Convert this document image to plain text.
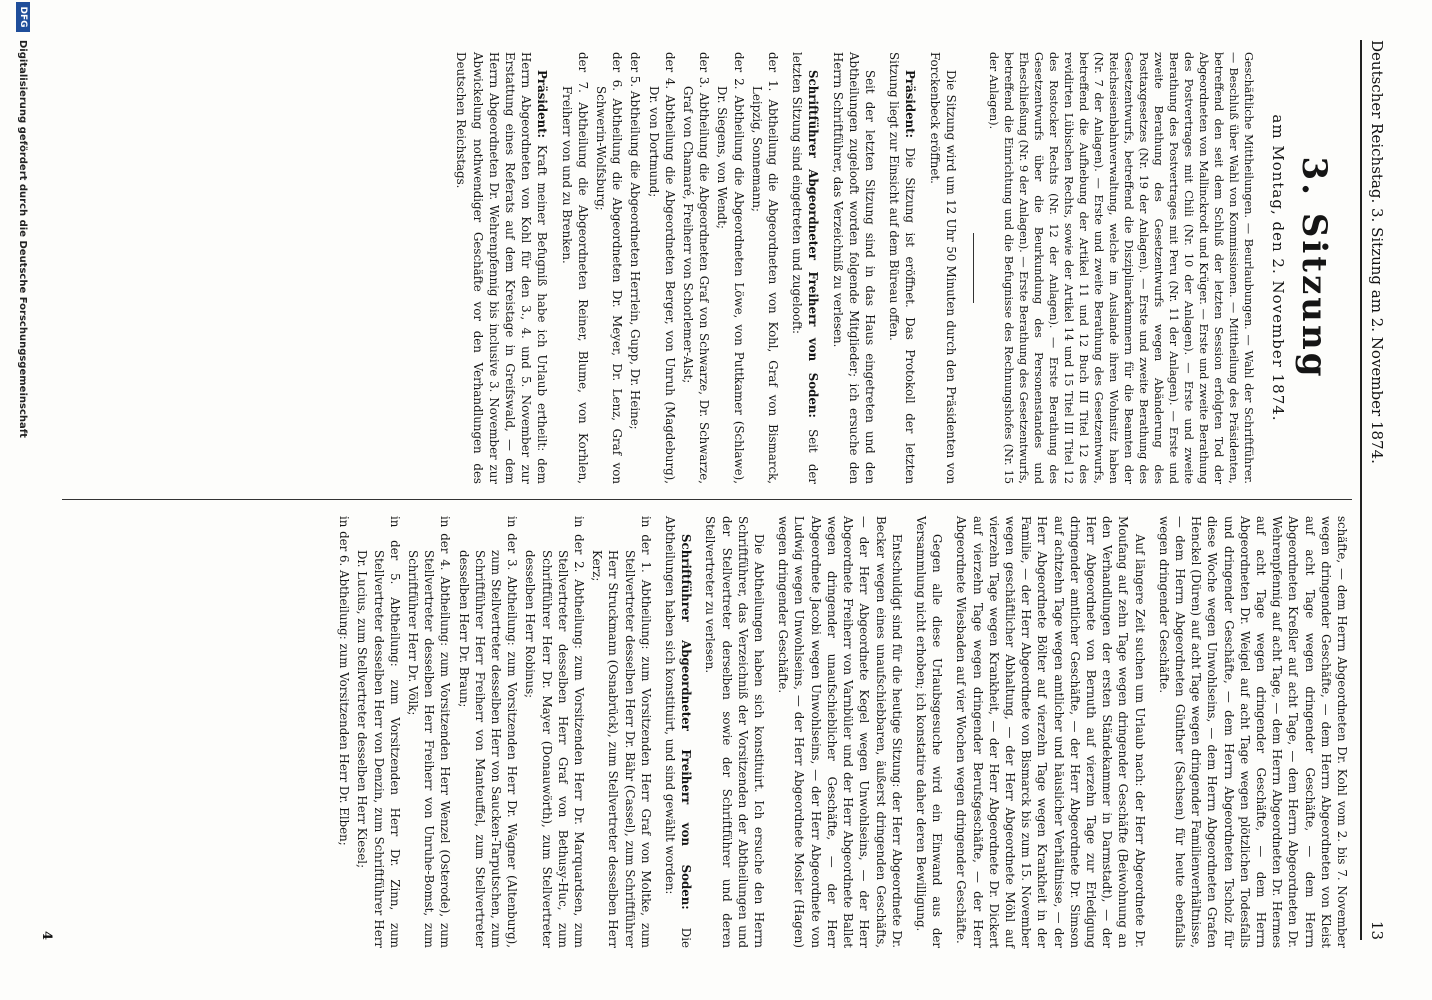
Deutscher Reichstag. 3. Sitzung am 2. November 1874.
13
3. Sitzung
am Montag, den 2. November 1874.
Geschäftliche Mittheilungen. — Beurlaubungen. — Wahl der Schriftführer. — Beschluß über Wahl von Kommissionen. — Mittheilung des Präsidenten, betreffend den seit dem Schluß der letzten Session erfolgten Tod der Abgeordneten von Mallinckrodt und Krüger. — Erste und zweite Berathung des Postvertrages mit Chili (Nr. 10 der Anlagen). — Erste und zweite Berathung des Postvertrages mit Peru (Nr. 11 der Anlagen). — Erste und zweite Berathung des Gesetzentwurfs wegen Abänderung des Posttaxgesetzes (Nr. 19 der Anlagen). — Erste und zweite Berathung des Gesetzentwurfs, betreffend die Disziplinarkammern für die Beamten der Reichseisenbahnverwaltung, welche im Auslande ihren Wohnsitz haben (Nr. 7 der Anlagen). — Erste und zweite Berathung des Gesetzentwurfs, betreffend die Aufhebung der Artikel 11 und 12 Buch III Titel 12 des revidirten Lübischen Rechts, sowie der Artikel 14 und 15 Titel III Titel 12 des Rostocker Rechts (Nr. 12 der Anlagen). — Erste Berathung des Gesetzentwurfs über die Beurkundung des Personenstandes und Eheschließung (Nr. 9 der Anlagen). — Erste Berathung des Gesetzentwurfs, betreffend die Einrichtung und die Befugnisse des Rechnungshofes (Nr. 15 der Anlagen).

Die Sitzung wird um 12 Uhr 50 Minuten durch den Präsidenten von Forckenbeck eröffnet.

Präsident: Die Sitzung ist eröffnet. Das Protokoll der letzten Sitzung liegt zur Einsicht auf dem Büreau offen.

Seit der letzten Sitzung sind in das Haus eingetreten und den Abtheilungen zugelooft worden folgende Mitglieder; ich ersuche den Herrn Schriftführer, das Verzeichniß zu verlesen.

Schriftführer Abgeordneter Freiherr von Soden: Seit der letzten Sitzung sind eingetreten und zugelooft:

der 1. Abtheilung die Abgeordneten von Kohl, Graf von Bismarck, Leipzig, Sonnemann;
der 2. Abtheilung die Abgeordneten Löwe, von Puttkamer (Schlawe), Dr. Siegens, von Wendt;
der 3. Abtheilung die Abgeordneten Graf von Schwarze, Dr. Schwarze, Graf von Chamaré, Freiherr von Schorlemer-Alst;
der 4. Abtheilung die Abgeordneten Berger, von Unruh (Magdeburg), Dr. von Dortmund;
der 5. Abtheilung die Abgeordneten Herrlein, Gupp, Dr. Heine;
der 6. Abtheilung die Abgeordneten Dr. Meyer, Dr. Lenz, Graf von Schwerin-Wolfsburg;
der 7. Abtheilung die Abgeordneten Reiner, Blume, von Korhlen, Freiherr von und zu Brenken.

Präsident: Kraft meiner Befugniß habe ich Urlaub ertheilt: dem Herrn Abgeordneten von Kohl für den 3., 4. und 5. November zur Erstattung eines Referats auf dem Kreistage in Greifswald, — dem Herrn Abgeordneten Dr. Wehrenpfennig bis inclusive 3. November zur Abwickelung nothwendiger Geschäfte vor den Verhandlungen des Deutschen Reichstags.

schäfte, — dem Herrn Abgeordneten Dr. Kohl vom 2. bis 7. November wegen dringender Geschäfte, — dem Herrn Abgeordneten von Kleist auf acht Tage wegen dringender Geschäfte, — dem Herrn Abgeordneten Kreßler auf acht Tage, — dem Herrn Abgeordneten Dr. Wehrenpfennig auf acht Tage, — dem Herrn Abgeordneten Dr. Hermes auf acht Tage wegen dringender Geschäfte, — dem Herrn Abgeordneten Dr. Weigel auf acht Tage wegen plötzlichen Todesfalls und dringender Geschäfte, — dem Herrn Abgeordneten Tscholz für diese Woche wegen Unwohlseins, — dem Herrn Abgeordneten Grafen Henckel (Düren) auf acht Tage wegen dringender Familienverhältnisse, — dem Herrn Abgeordneten Günther (Sachsen) für heute ebenfalls wegen dringender Geschäfte.

Auf längere Zeit suchen um Urlaub nach: der Herr Abgeordnete Dr. Moufang auf zehn Tage wegen dringender Geschäfte (Beiwohnung an den Verhandlungen der ersten Ständekammer in Darmstadt), — der Herr Abgeordnete von Bernuth auf vierzehn Tage zur Erledigung dringender amtlicher Geschäfte, — der Herr Abgeordnete Dr. Simson auf achtzehn Tage wegen amtlicher und häuslicher Verhältnisse, — der Herr Abgeordnete Bölter auf vierzehn Tage wegen Krankheit in der Familie, — der Herr Abgeordnete von Bismarck bis zum 15. November wegen geschäftlicher Abhaltung, — der Herr Abgeordnete Möhl auf vierzehn Tage wegen Krankheit, — der Herr Abgeordnete Dr. Dickert auf vierzehn Tage wegen dringender Berufsgeschäfte, — der Herr Abgeordnete Wiesbaden auf vier Wochen wegen dringender Geschäfte.

Gegen alle diese Urlaubsgesuche wird ein Einwand aus der Versammlung nicht erhoben; ich konstatire daher deren Bewilligung.

Entschuldigt sind für die heutige Sitzung: der Herr Abgeordnete Dr. Becker wegen eines unaufschiebbaren, äußerst dringenden Geschäfts, — der Herr Abgeordnete Kegel wegen Unwohlseins, — der Herr Abgeordnete Freiherr von Varnbüler und der Herr Abgeordnete Ballet wegen dringender unaufschieblicher Geschäfte, — der Herr Abgeordnete Jacobi wegen Unwohlseins, — der Herr Abgeordnete von Ludwig wegen Unwohlseins, — der Herr Abgeordnete Mosler (Hagen) wegen dringender Geschäfte.

Die Abtheilungen haben sich konstituirt. Ich ersuche den Herrn Schriftführer, das Verzeichniß der Vorsitzenden der Abtheilungen und der Stellvertreter derselben sowie der Schriftführer und deren Stellvertreter zu verlesen.

Schriftführer Abgeordneter Freiherr von Soden: Die Abtheilungen haben sich konstituirt, und sind gewählt worden:

in der 1. Abtheilung: zum Vorsitzenden Herr Graf von Moltke, zum Stellvertreter desselben Herr Dr. Bähr (Cassel), zum Schriftführer Herr Struckmann (Osnabrück), zum Stellvertreter desselben Herr Kerz;
in der 2. Abtheilung: zum Vorsitzenden Herr Dr. Marquardsen, zum Stellvertreter desselben Herr Graf von Bethusy-Huc, zum Schriftführer Herr Dr. Mayer (Donauwörth), zum Stellvertreter desselben Herr Robinus;
in der 3. Abtheilung: zum Vorsitzenden Herr Dr. Wagner (Altenburg), zum Stellvertreter desselben Herr von Saucken-Tarputschen, zum Schriftführer Herr Freiherr von Manteuffel, zum Stellvertreter desselben Herr Dr. Braun;
in der 4. Abtheilung: zum Vorsitzenden Herr Wenzel (Osterode), zum Stellvertreter desselben Herr Freiherr von Unruhe-Bomst, zum Schriftführer Herr Dr. Völk;
in der 5. Abtheilung: zum Vorsitzenden Herr Dr. Zinn, zum Stellvertreter desselben Herr von Denzin, zum Schriftführer Herr Dr. Lucius, zum Stellvertreter desselben Herr Kiesel;
in der 6. Abtheilung: zum Vorsitzenden Herr Dr. Elben;
4
DFG
Digitalisierung gefördert durch die Deutsche Forschungsgemeinschaft
